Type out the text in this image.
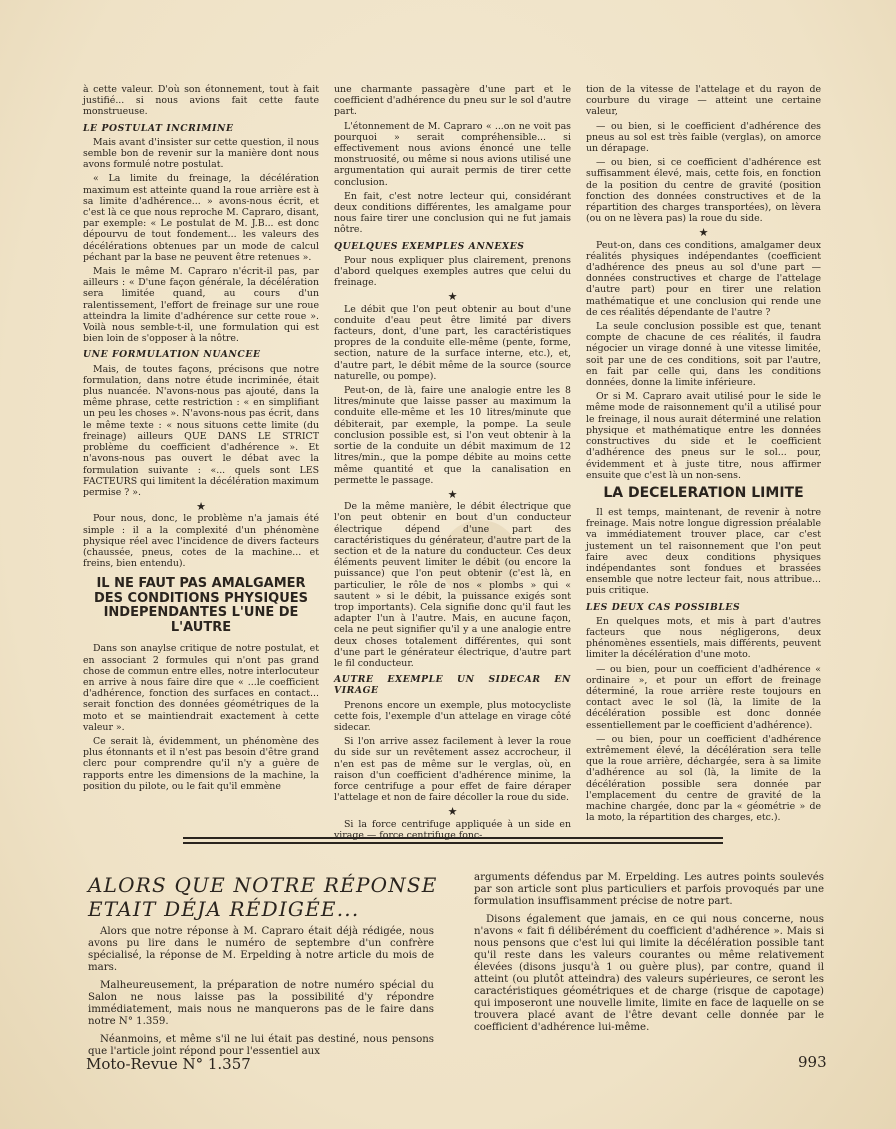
à cette valeur. D'où son étonnement, tout à fait justifié... si nous avions fait cette faute monstrueuse.

LE POSTULAT INCRIMINE

Mais avant d'insister sur cette question, il nous semble bon de revenir sur la manière dont nous avons formulé notre postulat.

« La limite du freinage, la décélération maximum est atteinte quand la roue arrière est à sa limite d'adhérence... » avons-nous écrit, et c'est là ce que nous reproche M. Capraro, disant, par exemple: « Le postulat de M. J.B... est donc dépourvu de tout fondement... les valeurs des décélérations obtenues par un mode de calcul péchant par la base ne peuvent être retenues ».

Mais le même M. Capraro n'écrit-il pas, par ailleurs : « D'une façon générale, la décélération sera limitée quand, au cours d'un ralentissement, l'effort de freinage sur une roue atteindra la limite d'adhérence sur cette roue ». Voilà nous semble-t-il, une formulation qui est bien loin de s'opposer à la nôtre.

UNE FORMULATION NUANCEE

Mais, de toutes façons, précisons que notre formulation, dans notre étude incriminée, était plus nuancée. N'avons-nous pas ajouté, dans la même phrase, cette restriction : « en simplifiant un peu les choses ». N'avons-nous pas écrit, dans le même texte : « nous situons cette limite (du freinage) ailleurs QUE DANS LE STRICT problème du coefficient d'adhérence ». Et n'avons-nous pas ouvert le débat avec la formulation suivante : «... quels sont LES FACTEURS qui limitent la décélération maximum permise ? ».

★

Pour nous, donc, le problème n'a jamais été simple : il a la complexité d'un phénomène physique réel avec l'incidence de divers facteurs (chaussée, pneus, cotes de la machine... et freins, bien entendu).

IL NE FAUT PAS AMALGAMER DES CONDITIONS PHYSIQUES INDEPENDANTES L'UNE DE L'AUTRE

Dans son anaylse critique de notre postulat, et en associant 2 formules qui n'ont pas grand chose de commun entre elles, notre interlocuteur en arrive à nous faire dire que « ...le coefficient d'adhérence, fonction des surfaces en contact... serait fonction des données géométriques de la moto et se maintiendrait exactement à cette valeur ».

Ce serait là, évidemment, un phénomène des plus étonnants et il n'est pas besoin d'être grand clerc pour comprendre qu'il n'y a guère de rapports entre les dimensions de la machine, la position du pilote, ou le fait qu'il emmène

une charmante passagère d'une part et le coefficient d'adhérence du pneu sur le sol d'autre part.

L'étonnement de M. Capraro « ...on ne voit pas pourquoi » serait compréhensible... si effectivement nous avions énoncé une telle monstruosité, ou même si nous avions utilisé une argumentation qui aurait permis de tirer cette conclusion.

En fait, c'est notre lecteur qui, considérant deux conditions différentes, les amalgame pour nous faire tirer une conclusion qui ne fut jamais nôtre.

QUELQUES EXEMPLES ANNEXES

Pour nous expliquer plus clairement, prenons d'abord quelques exemples autres que celui du freinage.

★

Le débit que l'on peut obtenir au bout d'une conduite d'eau peut être limité par divers facteurs, dont, d'une part, les caractéristiques propres de la conduite elle-même (pente, forme, section, nature de la surface interne, etc.), et, d'autre part, le débit même de la source (source naturelle, ou pompe).

Peut-on, de là, faire une analogie entre les 8 litres/minute que laisse passer au maximum la conduite elle-même et les 10 litres/minute que débiterait, par exemple, la pompe. La seule conclusion possible est, si l'on veut obtenir à la sortie de la conduite un débit maximum de 12 litres/min., que la pompe débite au moins cette même quantité et que la canalisation en permette le passage.

★

De la même manière, le débit électrique que l'on peut obtenir en bout d'un conducteur électrique dépend d'une part des caractéristiques du générateur, d'autre part de la section et de la nature du conducteur. Ces deux éléments peuvent limiter le débit (ou encore la puissance) que l'on peut obtenir (c'est là, en particulier, le rôle de nos « plombs » qui « sautent » si le débit, la puissance exigés sont trop importants). Cela signifie donc qu'il faut les adapter l'un à l'autre. Mais, en aucune façon, cela ne peut signifier qu'il y a une analogie entre deux choses totalement différentes, qui sont d'une part le générateur électrique, d'autre part le fil conducteur.

AUTRE EXEMPLE UN SIDECAR EN VIRAGE

Prenons encore un exemple, plus motocycliste cette fois, l'exemple d'un attelage en virage côté sidecar.

Si l'on arrive assez facilement à lever la roue du side sur un revêtement assez accrocheur, il n'en est pas de même sur le verglas, où, en raison d'un coefficient d'adhérence minime, la force centrifuge a pour effet de faire déraper l'attelage et non de faire décoller la roue du side.

★

Si la force centrifuge appliquée à un side en virage — force centrifuge fonc-

tion de la vitesse de l'attelage et du rayon de courbure du virage — atteint une certaine valeur,

— ou bien, si le coefficient d'adhérence des pneus au sol est très faible (verglas), on amorce un dérapage.

— ou bien, si ce coefficient d'adhérence est suffisamment élevé, mais, cette fois, en fonction de la position du centre de gravité (position fonction des données constructives et de la répartition des charges transportées), on lèvera (ou on ne lèvera pas) la roue du side.

★

Peut-on, dans ces conditions, amalgamer deux réalités physiques indépendantes (coefficient d'adhérence des pneus au sol d'une part — données constructives et charge de l'attelage d'autre part) pour en tirer une relation mathématique et une conclusion qui rende une de ces réalités dépendante de l'autre ?

La seule conclusion possible est que, tenant compte de chacune de ces réalités, il faudra négocier un virage donné à une vitesse limitée, soit par une de ces conditions, soit par l'autre, en fait par celle qui, dans les conditions données, donne la limite inférieure.

Or si M. Capraro avait utilisé pour le side le même mode de raisonnement qu'il a utilisé pour le freinage, il nous aurait déterminé une relation physique et mathématique entre les données constructives du side et le coefficient d'adhérence des pneus sur le sol... pour, évidemment et à juste titre, nous affirmer ensuite que c'est là un non-sens.

LA DECELERATION LIMITE

Il est temps, maintenant, de revenir à notre freinage. Mais notre longue digression préalable va immédiatement trouver place, car c'est justement un tel raisonnement que l'on peut faire avec deux conditions physiques indépendantes sont fondues et brassées ensemble que notre lecteur fait, nous attribue... puis critique.

LES DEUX CAS POSSIBLES

En quelques mots, et mis à part d'autres facteurs que nous négligerons, deux phénomènes essentiels, mais différents, peuvent limiter la décélération d'une moto.

— ou bien, pour un coefficient d'adhérence « ordinaire », et pour un effort de freinage déterminé, la roue arrière reste toujours en contact avec le sol (là, la limite de la décélération possible est donc donnée essentiellement par le coefficient d'adhérence).

— ou bien, pour un coefficient d'adhérence extrêmement élevé, la décélération sera telle que la roue arrière, déchargée, sera à sa limite d'adhérence au sol (là, la limite de la décélération possible sera donnée par l'emplacement du centre de gravité de la machine chargée, donc par la « géométrie » de la moto, la répartition des charges, etc.).

ALORS QUE NOTRE RÉPONSE ETAIT DÉJA RÉDIGÉE...

Alors que notre réponse à M. Capraro était déjà rédigée, nous avons pu lire dans le numéro de septembre d'un confrère spécialisé, la réponse de M. Erpelding à notre article du mois de mars.

Malheureusement, la préparation de notre numéro spécial du Salon ne nous laisse pas la possibilité d'y répondre immédiatement, mais nous ne manquerons pas de le faire dans notre N° 1.359.

Néanmoins, et même s'il ne lui était pas destiné, nous pensons que l'article joint répond pour l'essentiel aux

arguments défendus par M. Erpelding. Les autres points soulevés par son article sont plus particuliers et parfois provoqués par une formulation insuffisamment précise de notre part.

Disons également que jamais, en ce qui nous concerne, nous n'avons « fait fi délibérément du coefficient d'adhérence ». Mais si nous pensons que c'est lui qui limite la décélération possible tant qu'il reste dans les valeurs courantes ou même relativement élevées (disons jusqu'à 1 ou guère plus), par contre, quand il atteint (ou plutôt atteindra) des valeurs supérieures, ce seront les caractéristiques géométriques et de charge (risque de capotage) qui imposeront une nouvelle limite, limite en face de laquelle on se trouvera placé avant de l'être devant celle donnée par le coefficient d'adhérence lui-même.

Moto-Revue N° 1.357	993
